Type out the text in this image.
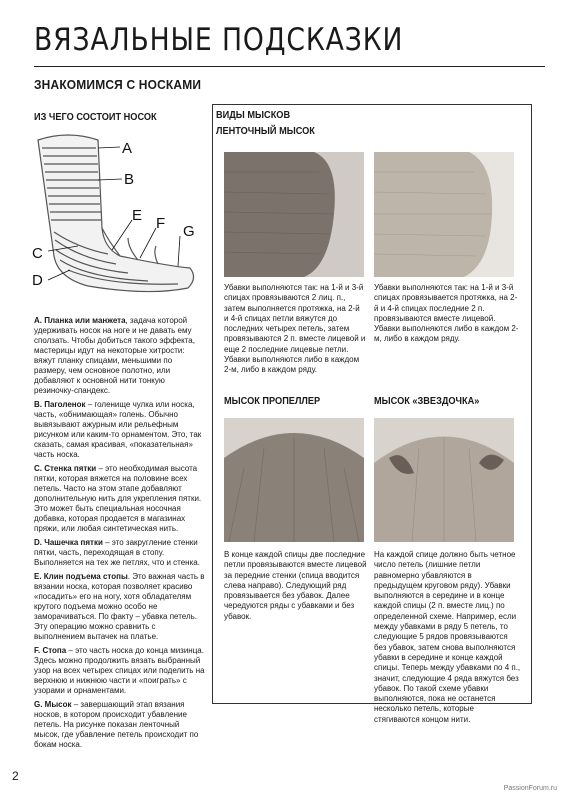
ВЯЗАЛЬНЫЕ ПОДСКАЗКИ
ЗНАКОМИМСЯ С НОСКАМИ
ИЗ ЧЕГО СОСТОИТ НОСОК
A
B
C
D
E F G

A. Планка или манжета, задача которой удерживать носок на ноге и не давать ему сползать. Чтобы добиться такого эффекта, мастерицы идут на некоторые хитрости: вяжут планку спицами, меньшими по размеру, чем основное полотно, или добавляют к основной нити тонкую резиночку-спандекс.

B. Паголенок – голенище чулка или носка, часть, «обнимающая» голень. Обычно вывязывают ажурным или рельефным рисунком или каким-то орнаментом. Это, так сказать, самая красивая, «показательная» часть носка.

C. Стенка пятки – это необходимая высота пятки, которая вяжется на половине всех петель. Часто на этом этапе добавляют дополнительную нить для укрепления пятки. Это может быть специальная носочная добавка, которая продается в магазинах пряжи, или любая синтетическая нить.

D. Чашечка пятки – это закругление стенки пятки, часть, переходящая в стопу. Выполняется на тех же петлях, что и стенка.

E. Клин подъема стопы. Это важная часть в вязании носка, которая позволяет красиво «посадить» его на ногу, хотя обладателям крутого подъема можно особо не заморачиваться. По факту – убавка петель. Эту операцию можно сравнить с выполнением вытачек на платье.

F. Стопа – это часть носка до конца мизинца. Здесь можно продолжить вязать выбранный узор на всех четырех спицах или поделить на верхнюю и нижнюю части и «поиграть» с узорами и орнаментами.

G. Мысок – завершающий этап вязания носков, в котором происходит убавление петель. На рисунке показан ленточный мысок, где убавление петель происходит по бокам носка.

ВИДЫ МЫСКОВ
ЛЕНТОЧНЫЙ МЫСОК
Убавки выполняются так: на 1-й и 3-й спицах провязываются 2 лиц. п., затем выполняется протяжка, на 2-й и 4-й спицах петли вяжутся до последних четырех петель, затем провязываются 2 п. вместе лицевой и еще 2 последние лицевые петли. Убавки выполняются либо в каждом 2-м, либо в каждом ряду.
Убавки выполняются так: на 1-й и 3-й спицах провязывается протяжка, на 2-й и 4-й спицах последние 2 п. провязываются вместе лицевой. Убавки выполняются либо в каждом 2-м, либо в каждом ряду.
МЫСОК ПРОПЕЛЛЕР	МЫСОК «ЗВЕЗДОЧКА»
В конце каждой спицы две последние петли провязываются вместе лицевой за передние стенки (спица вводится слева направо). Следующий ряд провязывается без убавок. Далее чередуются ряды с убавками и без убавок.
На каждой спице должно быть четное число петель (лишние петли равномерно убавляются в предыдущем круговом ряду). Убавки выполняются в середине и в конце каждой спицы (2 п. вместе лиц.) по определенной схеме. Например, если между убавками в ряду 5 петель, то следующие 5 рядов провязываются без убавок, затем снова выполняются убавки в середине и конце каждой спицы. Теперь между убавками по 4 п., значит, следующие 4 ряда вяжутся без убавок. По такой схеме убавки выполняются, пока не останется несколько петель, которые стягиваются концом нити.
2
PassionForum.ru
